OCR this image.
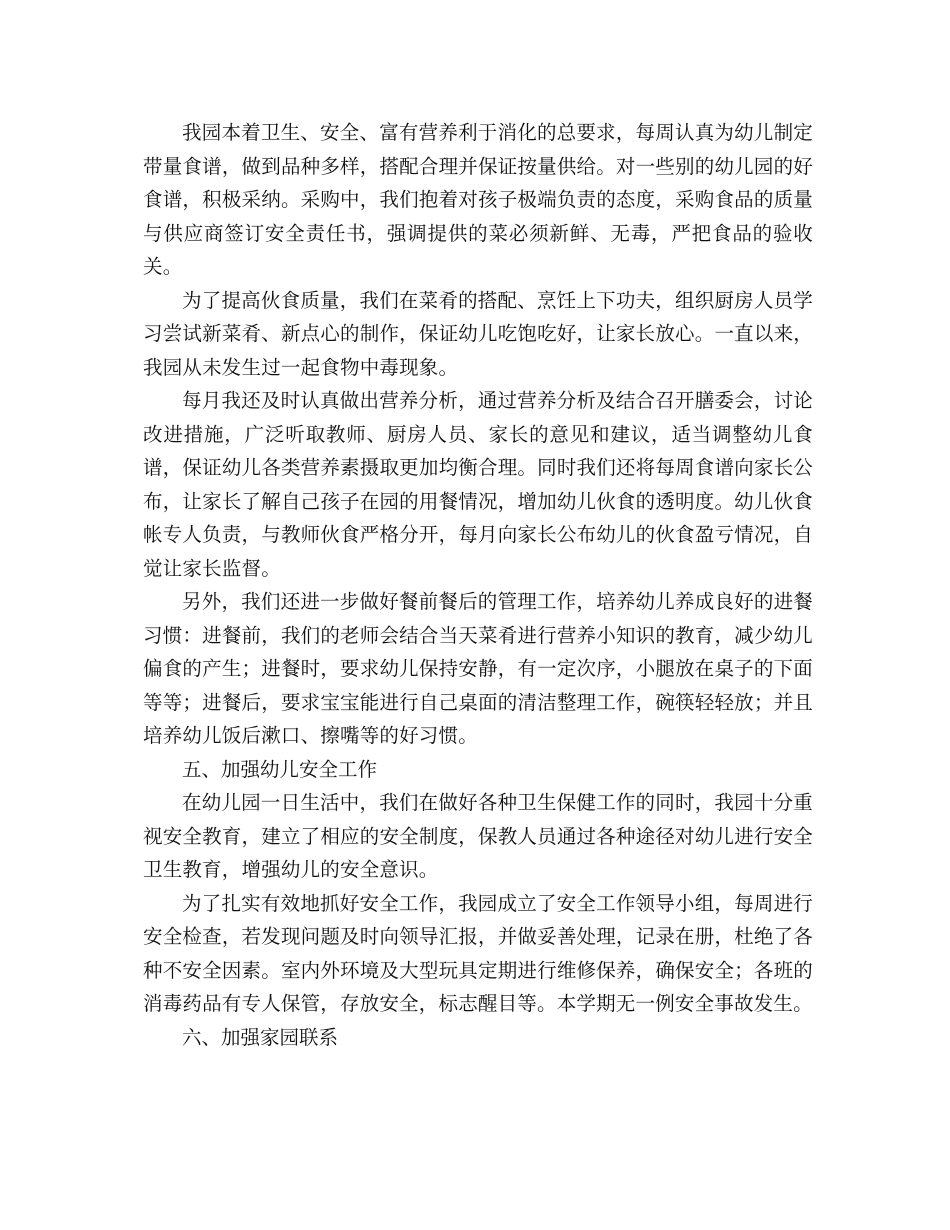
我园本着卫生、安全、富有营养利于消化的总要求，每周认真为幼儿制定带量食谱，做到品种多样，搭配合理并保证按量供给。对一些别的幼儿园的好食谱，积极采纳。采购中，我们抱着对孩子极端负责的态度，采购食品的质量与供应商签订安全责任书，强调提供的菜必须新鲜、无毒，严把食品的验收关。

为了提高伙食质量，我们在菜肴的搭配、烹饪上下功夫，组织厨房人员学习尝试新菜肴、新点心的制作，保证幼儿吃饱吃好，让家长放心。一直以来，我园从未发生过一起食物中毒现象。

每月我还及时认真做出营养分析，通过营养分析及结合召开膳委会，讨论改进措施，广泛听取教师、厨房人员、家长的意见和建议，适当调整幼儿食谱，保证幼儿各类营养素摄取更加均衡合理。同时我们还将每周食谱向家长公布，让家长了解自己孩子在园的用餐情况，增加幼儿伙食的透明度。幼儿伙食帐专人负责，与教师伙食严格分开，每月向家长公布幼儿的伙食盈亏情况，自觉让家长监督。

另外，我们还进一步做好餐前餐后的管理工作，培养幼儿养成良好的进餐习惯：进餐前，我们的老师会结合当天菜肴进行营养小知识的教育，减少幼儿偏食的产生；进餐时，要求幼儿保持安静，有一定次序，小腿放在桌子的下面等等；进餐后，要求宝宝能进行自己桌面的清洁整理工作，碗筷轻轻放；并且培养幼儿饭后漱口、擦嘴等的好习惯。

五、加强幼儿安全工作

在幼儿园一日生活中，我们在做好各种卫生保健工作的同时，我园十分重视安全教育，建立了相应的安全制度，保教人员通过各种途径对幼儿进行安全卫生教育，增强幼儿的安全意识。

为了扎实有效地抓好安全工作，我园成立了安全工作领导小组，每周进行安全检查，若发现问题及时向领导汇报，并做妥善处理，记录在册，杜绝了各种不安全因素。室内外环境及大型玩具定期进行维修保养，确保安全；各班的消毒药品有专人保管，存放安全，标志醒目等。本学期无一例安全事故发生。

六、加强家园联系
